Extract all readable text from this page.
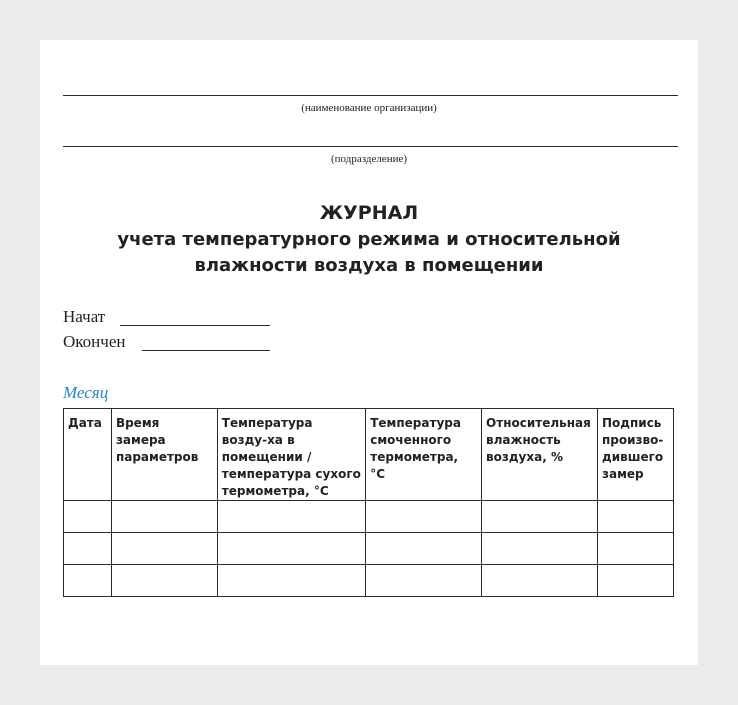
(наименование организации)
(подразделение)
ЖУРНАЛ
учета температурного режима и относительной
влажности воздуха в помещении
Начат
Окончен
Месяц
Дата	Время замера параметров	Температура возду-ха в помещении / температура сухого термометра, °С	Температура смоченного термометра, °С	Относительная влажность воздуха, %	Подпись произво-дившего замер
